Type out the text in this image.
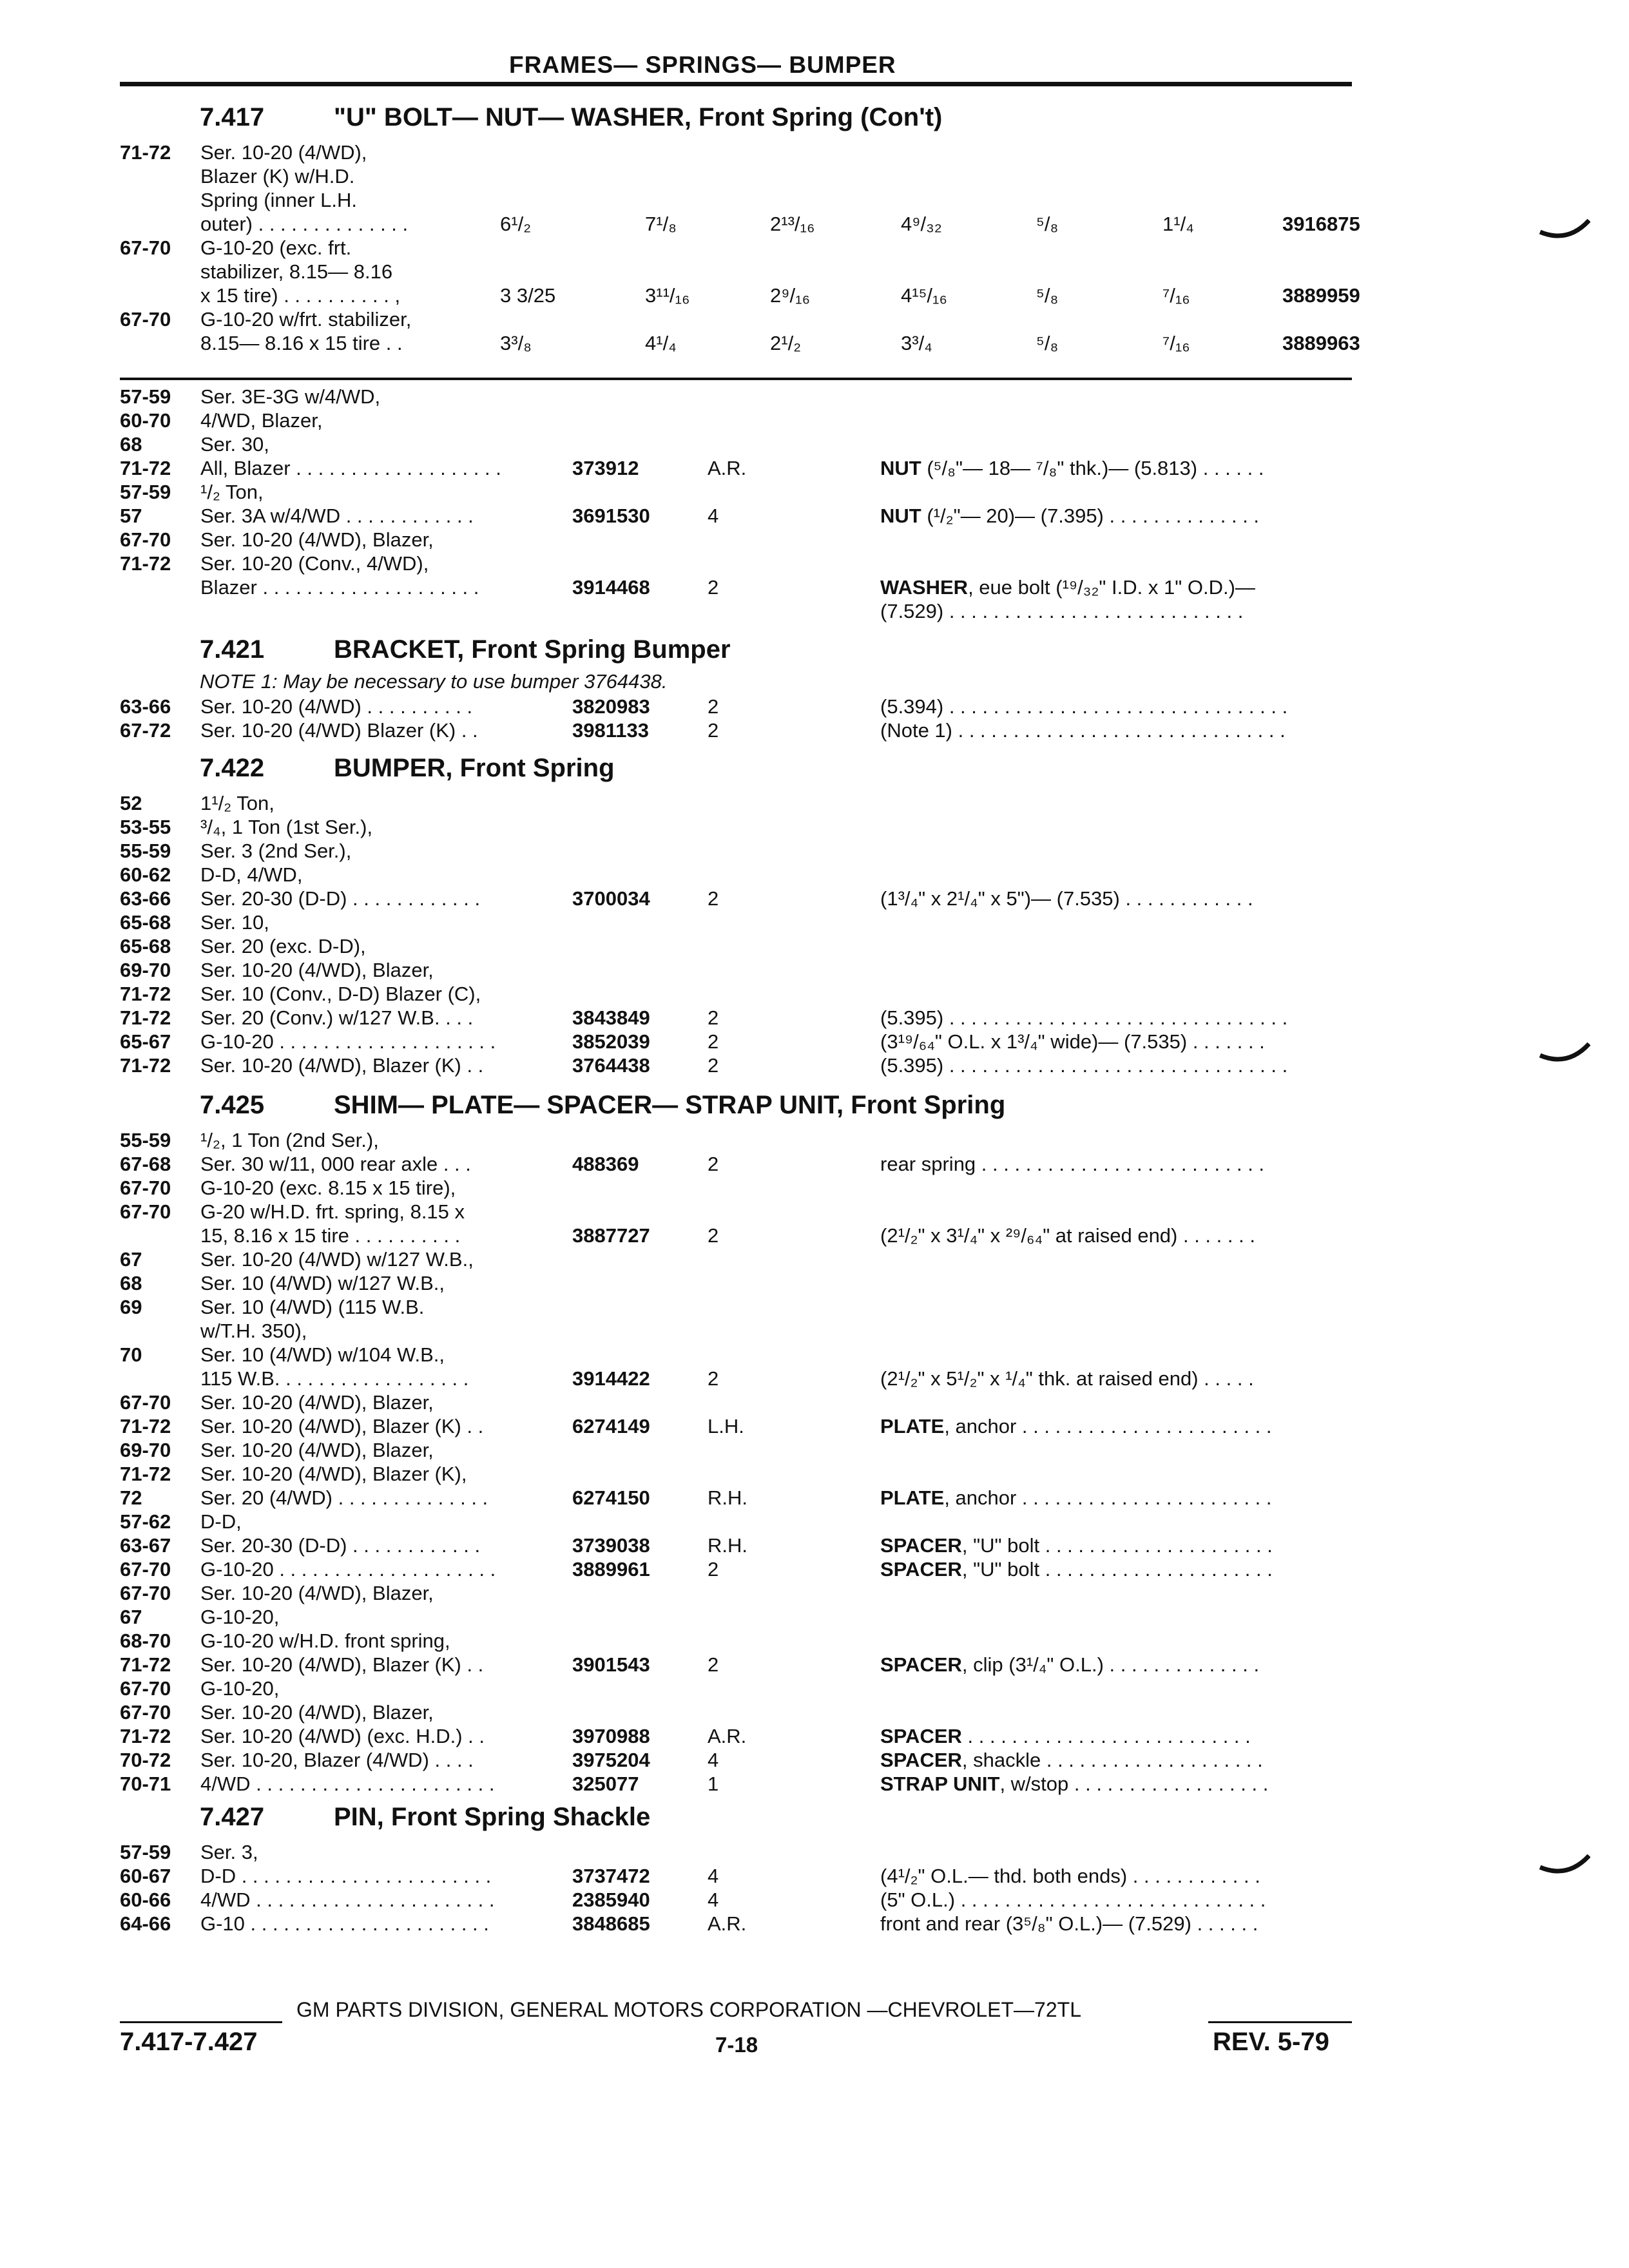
FRAMES— SPRINGS— BUMPER
7.417	"U" BOLT— NUT— WASHER, Front Spring (Con't)
71-72 Ser. 10-20 (4/WD),
Blazer (K) w/H.D.
Spring (inner L.H.
outer) . . . . . . . . . . . . . .	6¹/₂	7¹/₈	2¹³/₁₆	4⁹/₃₂	⁵/₈	1¹/₄	3916875
67-70 G-10-20 (exc. frt.
stabilizer, 8.15— 8.16
x 15 tire) . . . . . . . . . . ,	3 3/25	3¹¹/₁₆	2⁹/₁₆	4¹⁵/₁₆	⁵/₈	⁷/₁₆	3889959
67-70 G-10-20 w/frt. stabilizer,
8.15— 8.16 x 15 tire . .	3³/₈	4¹/₄	2¹/₂	3³/₄	⁵/₈	⁷/₁₆	3889963
57-59 Ser. 3E-3G w/4/WD,
60-70 4/WD, Blazer,
68	Ser. 30,
71-72 All, Blazer . . . . . . . . . . . . . . . . . . .	373912	A.R.	NUT (⁵/₈"— 18— ⁷/₈" thk.)— (5.813) . . . . . .
57-59 ¹/₂ Ton,
57	Ser. 3A w/4/WD . . . . . . . . . . . .	3691530	4	NUT (¹/₂"— 20)— (7.395) . . . . . . . . . . . . . .
67-70 Ser. 10-20 (4/WD), Blazer,
71-72 Ser. 10-20 (Conv., 4/WD),
Blazer . . . . . . . . . . . . . . . . . . . .	3914468	2	WASHER, eue bolt (¹⁹/₃₂" I.D. x 1" O.D.)—
(7.529) . . . . . . . . . . . . . . . . . . . . . . . . . . .
7.421	BRACKET, Front Spring Bumper
NOTE 1: May be necessary to use bumper 3764438.
63-66 Ser. 10-20 (4/WD) . . . . . . . . . .	3820983	2	(5.394) . . . . . . . . . . . . . . . . . . . . . . . . . . . . . . .
67-72 Ser. 10-20 (4/WD) Blazer (K) . .	3981133	2	(Note 1) . . . . . . . . . . . . . . . . . . . . . . . . . . . . . .
7.422	BUMPER, Front Spring
52	1¹/₂ Ton,
53-55 ³/₄, 1 Ton (1st Ser.),
55-59 Ser. 3 (2nd Ser.),
60-62 D-D, 4/WD,
63-66 Ser. 20-30 (D-D) . . . . . . . . . . . .	3700034	2	(1³/₄" x 2¹/₄" x 5")— (7.535) . . . . . . . . . . . .
65-68 Ser. 10,
65-68 Ser. 20 (exc. D-D),
69-70 Ser. 10-20 (4/WD), Blazer,
71-72 Ser. 10 (Conv., D-D) Blazer (C),
71-72 Ser. 20 (Conv.) w/127 W.B. . . .	3843849	2	(5.395) . . . . . . . . . . . . . . . . . . . . . . . . . . . . . . .
65-67 G-10-20 . . . . . . . . . . . . . . . . . . . .	3852039	2	(3¹⁹/₆₄" O.L. x 1³/₄" wide)— (7.535) . . . . . . .
71-72 Ser. 10-20 (4/WD), Blazer (K) . .	3764438	2	(5.395) . . . . . . . . . . . . . . . . . . . . . . . . . . . . . . .
7.425	SHIM— PLATE— SPACER— STRAP UNIT, Front Spring
55-59 ¹/₂, 1 Ton (2nd Ser.),
67-68 Ser. 30 w/11, 000 rear axle . . .	488369	2	rear spring . . . . . . . . . . . . . . . . . . . . . . . . . .
67-70 G-10-20 (exc. 8.15 x 15 tire),
67-70 G-20 w/H.D. frt. spring, 8.15 x
15, 8.16 x 15 tire . . . . . . . . . .	3887727	2	(2¹/₂" x 3¹/₄" x ²⁹/₆₄" at raised end) . . . . . . .
67	Ser. 10-20 (4/WD) w/127 W.B.,
68	Ser. 10 (4/WD) w/127 W.B.,
69	Ser. 10 (4/WD) (115 W.B.
w/T.H. 350),
70	Ser. 10 (4/WD) w/104 W.B.,
115 W.B. . . . . . . . . . . . . . . . . .	3914422	2	(2¹/₂" x 5¹/₂" x ¹/₄" thk. at raised end) . . . . .
67-70 Ser. 10-20 (4/WD), Blazer,
71-72 Ser. 10-20 (4/WD), Blazer (K) . .	6274149	L.H.	PLATE, anchor . . . . . . . . . . . . . . . . . . . . . . .
69-70 Ser. 10-20 (4/WD), Blazer,
71-72 Ser. 10-20 (4/WD), Blazer (K),
72	Ser. 20 (4/WD) . . . . . . . . . . . . . .	6274150	R.H.	PLATE, anchor . . . . . . . . . . . . . . . . . . . . . . .
57-62 D-D,
63-67 Ser. 20-30 (D-D) . . . . . . . . . . . .	3739038	R.H.	SPACER, "U" bolt . . . . . . . . . . . . . . . . . . . . .
67-70 G-10-20 . . . . . . . . . . . . . . . . . . . .	3889961	2	SPACER, "U" bolt . . . . . . . . . . . . . . . . . . . . .
67-70 Ser. 10-20 (4/WD), Blazer,
67	G-10-20,
68-70 G-10-20 w/H.D. front spring,
71-72 Ser. 10-20 (4/WD), Blazer (K) . .	3901543	2	SPACER, clip (3¹/₄" O.L.) . . . . . . . . . . . . . .
67-70 G-10-20,
67-70 Ser. 10-20 (4/WD), Blazer,
71-72 Ser. 10-20 (4/WD) (exc. H.D.) . .	3970988	A.R.	SPACER . . . . . . . . . . . . . . . . . . . . . . . . . .
70-72 Ser. 10-20, Blazer (4/WD) . . . .	3975204	4	SPACER, shackle . . . . . . . . . . . . . . . . . . . .
70-71 4/WD . . . . . . . . . . . . . . . . . . . . . .	325077	1	STRAP UNIT, w/stop . . . . . . . . . . . . . . . . . .
7.427	PIN, Front Spring Shackle
57-59 Ser. 3,
60-67 D-D . . . . . . . . . . . . . . . . . . . . . . .	3737472	4	(4¹/₂" O.L.— thd. both ends) . . . . . . . . . . . .
60-66 4/WD . . . . . . . . . . . . . . . . . . . . . .	2385940	4	(5" O.L.) . . . . . . . . . . . . . . . . . . . . . . . . . . . .
64-66 G-10 . . . . . . . . . . . . . . . . . . . . . .	3848685	A.R.	front and rear (3⁵/₈" O.L.)— (7.529) . . . . . .
GM PARTS DIVISION, GENERAL MOTORS CORPORATION —CHEVROLET—72TL
7.417-7.427	7-18	REV. 5-79
